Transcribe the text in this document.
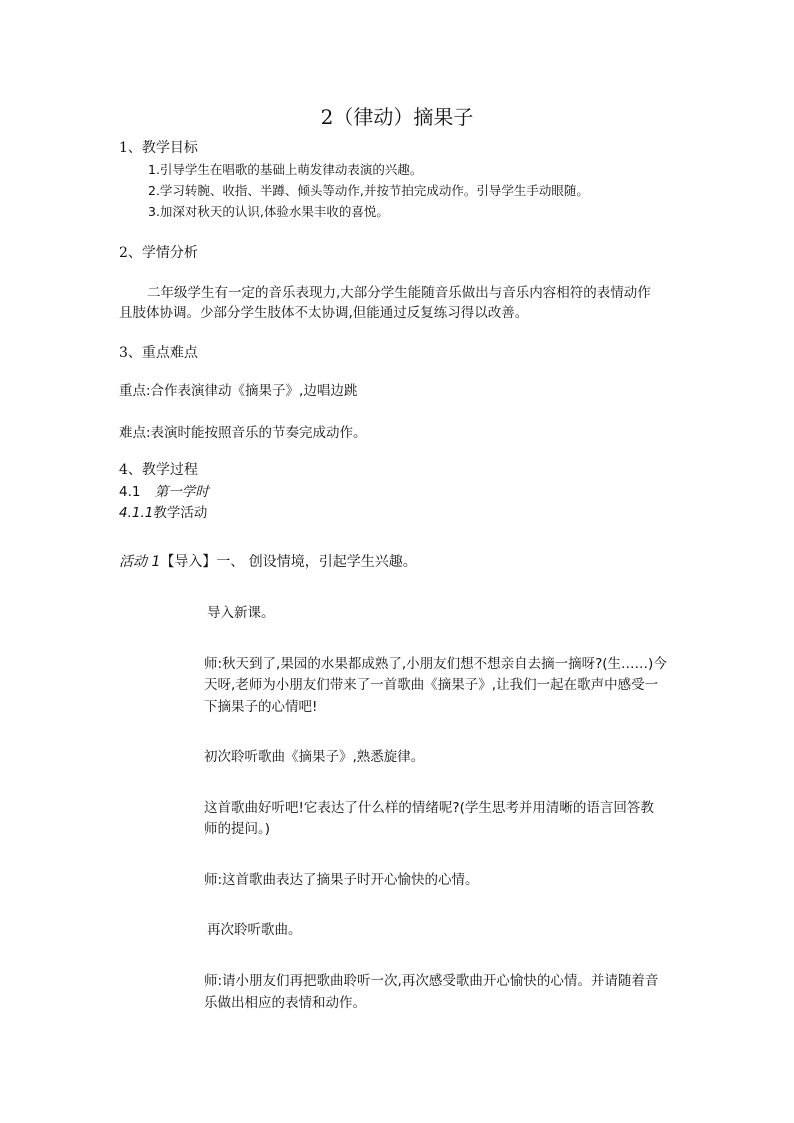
2（律动）摘果子
1、教学目标
1.引导学生在唱歌的基础上萌发律动表演的兴趣。
2.学习转腕、收指、半蹲、倾头等动作,并按节拍完成动作。引导学生手动眼随。
3.加深对秋天的认识,体验水果丰收的喜悦。
2、学情分析
二年级学生有一定的音乐表现力,大部分学生能随音乐做出与音乐内容相符的表情动作
且肢体协调。少部分学生肢体不太协调,但能通过反复练习得以改善。
3、重点难点
重点:合作表演律动《摘果子》,边唱边跳
难点:表演时能按照音乐的节奏完成动作。
4、教学过程
4.1 第一学时
4.1.1教学活动
活动 1【导入】一、 创设情境，引起学生兴趣。
导入新课。
师:秋天到了,果园的水果都成熟了,小朋友们想不想亲自去摘一摘呀?(生……)今
天呀,老师为小朋友们带来了一首歌曲《摘果子》,让我们一起在歌声中感受一
下摘果子的心情吧!
初次聆听歌曲《摘果子》,熟悉旋律。
这首歌曲好听吧!它表达了什么样的情绪呢?(学生思考并用清晰的语言回答教
师的提问。)
师:这首歌曲表达了摘果子时开心愉快的心情。
再次聆听歌曲。
师:请小朋友们再把歌曲聆听一次,再次感受歌曲开心愉快的心情。并请随着音
乐做出相应的表情和动作。
